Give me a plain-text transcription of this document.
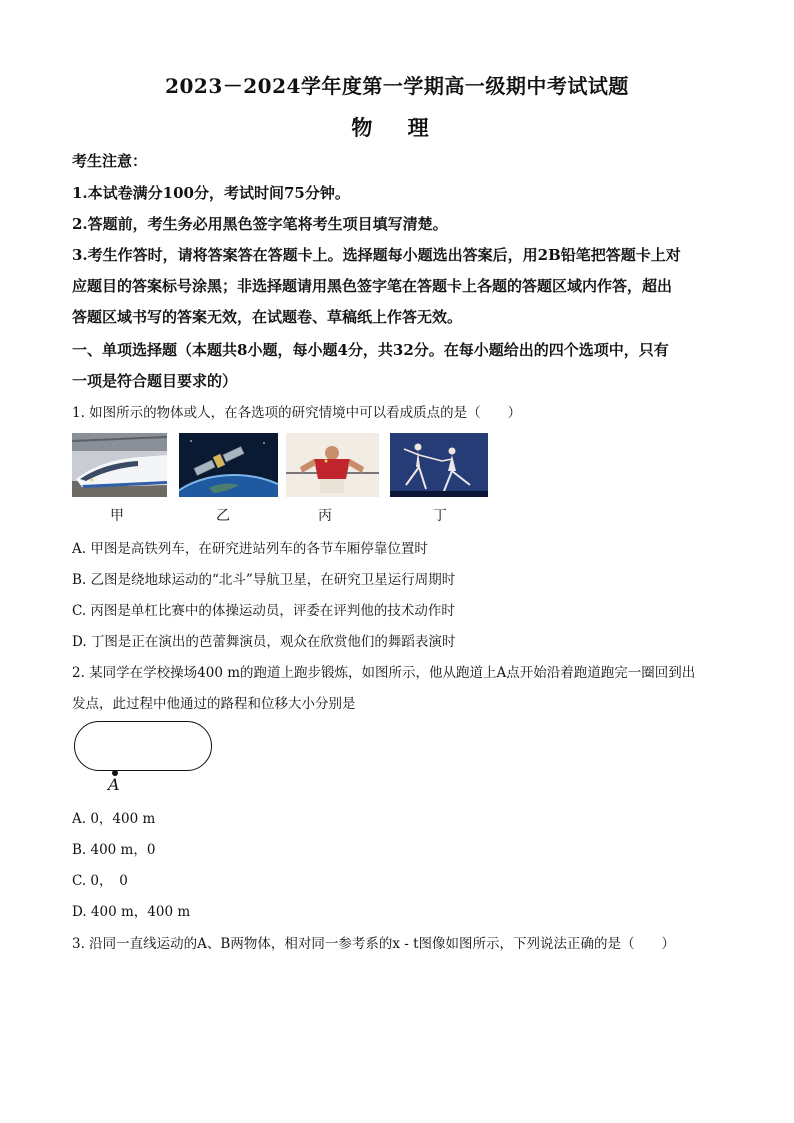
2023－2024学年度第一学期高一级期中考试试题
物 理
考生注意：
1.本试卷满分100分，考试时间75分钟。
2.答题前，考生务必用黑色签字笔将考生项目填写清楚。
3.考生作答时，请将答案答在答题卡上。选择题每小题选出答案后，用2B铅笔把答题卡上对
应题目的答案标号涂黑；非选择题请用黑色签字笔在答题卡上各题的答题区域内作答，超出
答题区域书写的答案无效，在试题卷、草稿纸上作答无效。
一、单项选择题（本题共8小题，每小题4分，共32分。在每小题给出的四个选项中，只有
一项是符合题目要求的）
1. 如图所示的物体或人，在各选项的研究情境中可以看成质点的是（　　）
甲	乙	丙	丁
A. 甲图是高铁列车，在研究进站列车的各节车厢停靠位置时
B. 乙图是绕地球运动的“北斗”导航卫星，在研究卫星运行周期时
C. 丙图是单杠比赛中的体操运动员，评委在评判他的技术动作时
D. 丁图是正在演出的芭蕾舞演员，观众在欣赏他们的舞蹈表演时
2. 某同学在学校操场400 m的跑道上跑步锻炼，如图所示，他从跑道上A点开始沿着跑道跑完一圈回到出
发点，此过程中他通过的路程和位移大小分别是
A
A. 0，400 m
B. 400 m，0
C. 0，　0
D. 400 m，400 m
3. 沿同一直线运动的A、B两物体，相对同一参考系的x - t图像如图所示，下列说法正确的是（　　）
